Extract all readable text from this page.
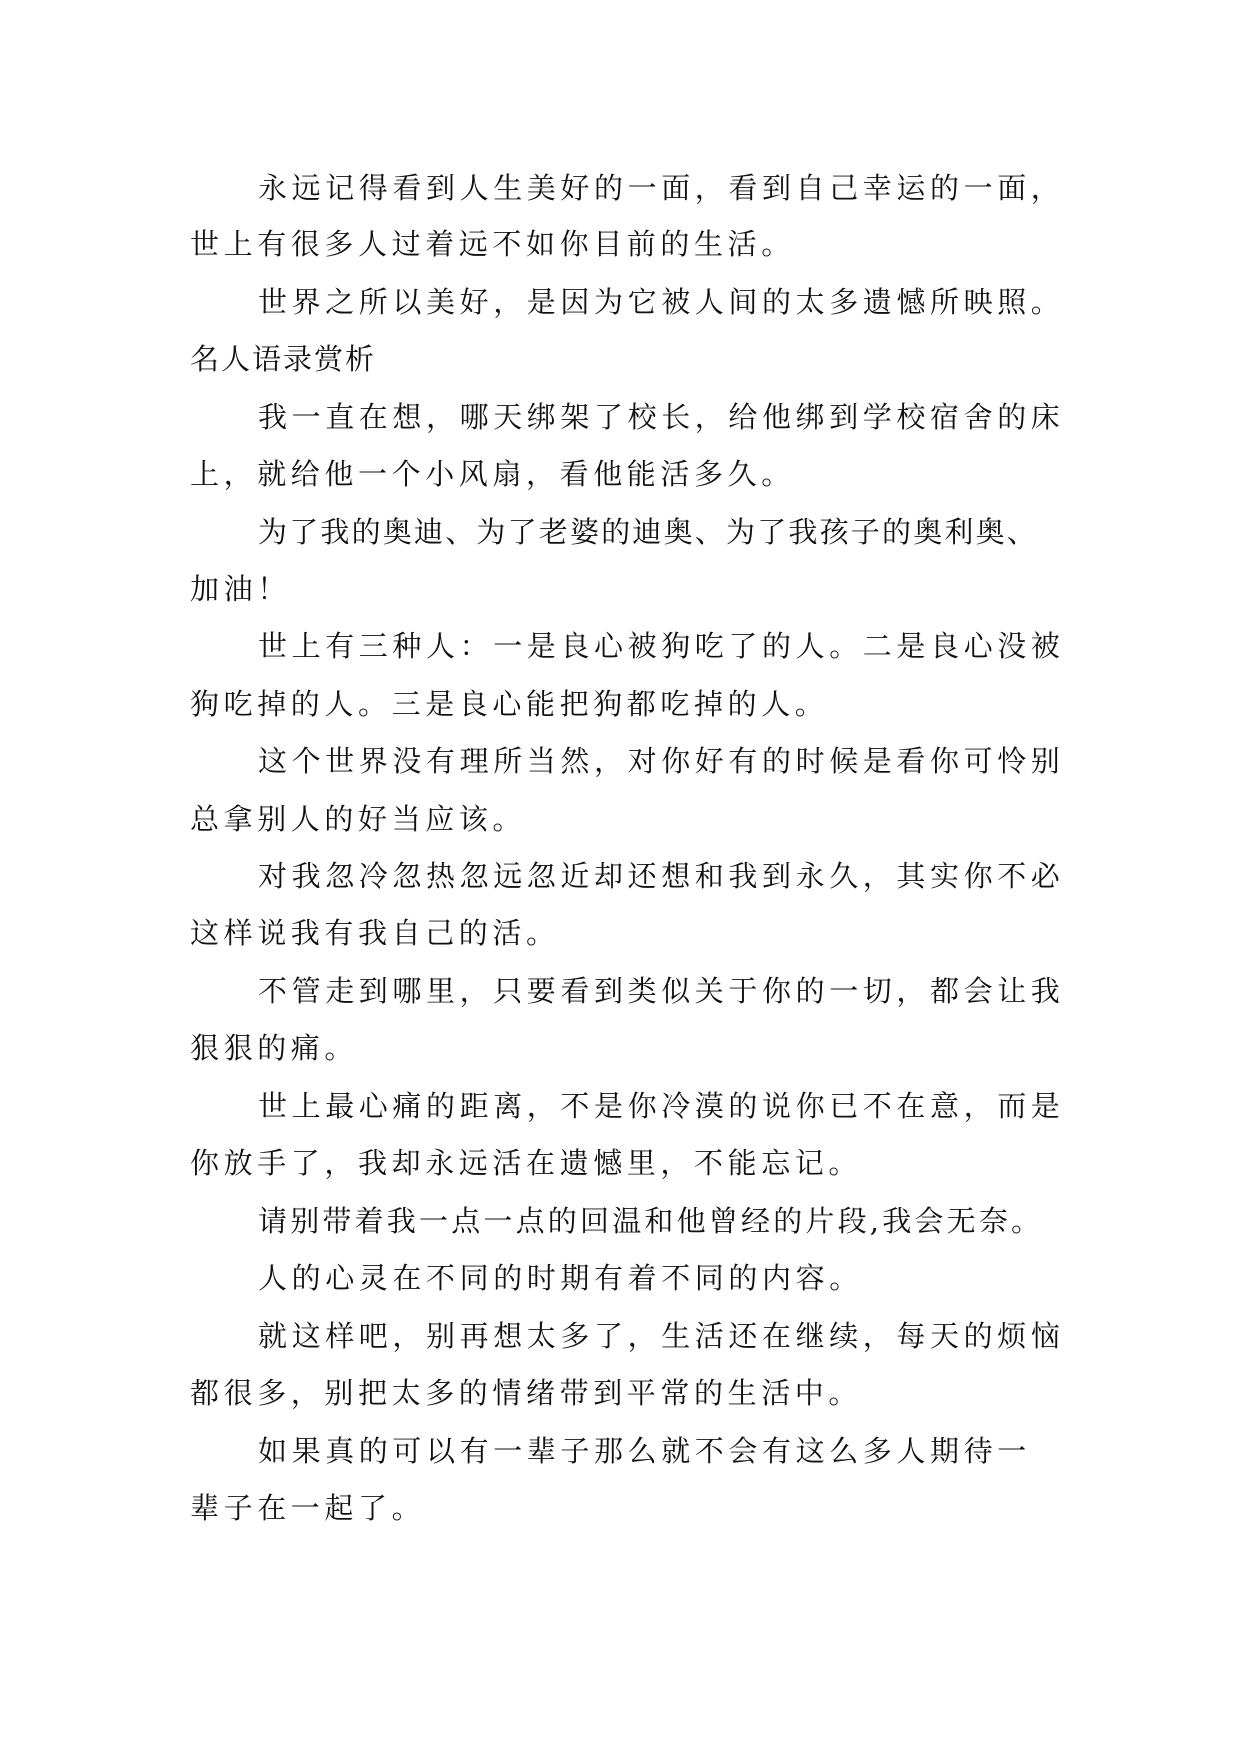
永远记得看到人生美好的一面，看到自己幸运的一面，
世上有很多人过着远不如你目前的生活。
世界之所以美好，是因为它被人间的太多遗憾所映照。
名人语录赏析
我一直在想，哪天绑架了校长，给他绑到学校宿舍的床
上，就给他一个小风扇，看他能活多久。
为了我的奥迪、为了老婆的迪奥、为了我孩子的奥利奥、
加油！
世上有三种人：一是良心被狗吃了的人。二是良心没被
狗吃掉的人。三是良心能把狗都吃掉的人。
这个世界没有理所当然，对你好有的时候是看你可怜别
总拿别人的好当应该。
对我忽冷忽热忽远忽近却还想和我到永久，其实你不必
这样说我有我自己的活。
不管走到哪里，只要看到类似关于你的一切，都会让我
狠狠的痛。
世上最心痛的距离，不是你冷漠的说你已不在意，而是
你放手了，我却永远活在遗憾里，不能忘记。
请别带着我一点一点的回温和他曾经的片段,我会无奈。
人的心灵在不同的时期有着不同的内容。
就这样吧，别再想太多了，生活还在继续，每天的烦恼
都很多，别把太多的情绪带到平常的生活中。
如果真的可以有一辈子那么就不会有这么多人期待一
辈子在一起了。
